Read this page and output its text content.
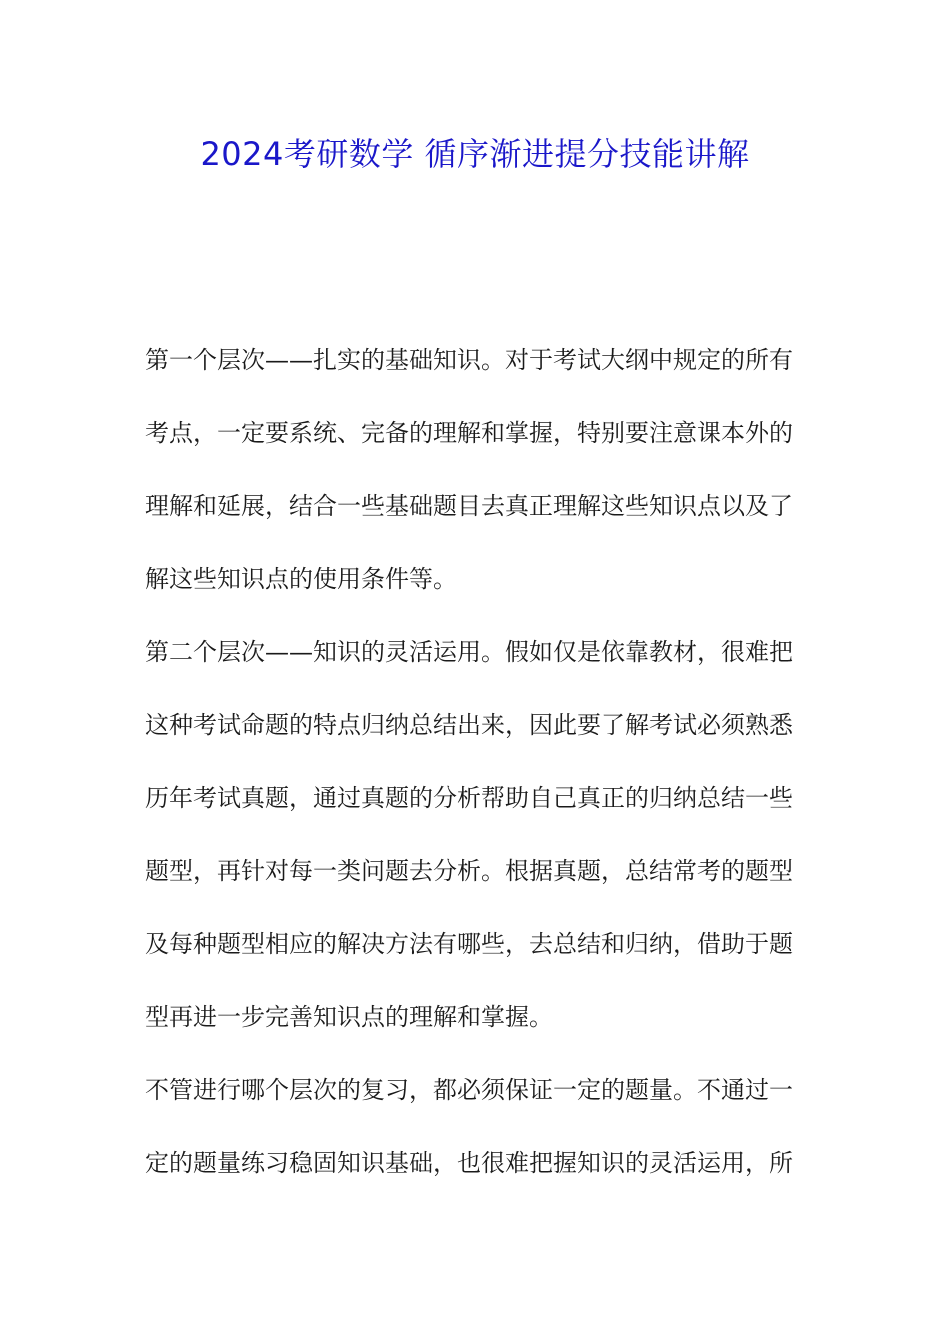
2024考研数学 循序渐进提分技能讲解
第一个层次——扎实的基础知识。对于考试大纲中规定的所有
考点，一定要系统、完备的理解和掌握，特别要注意课本外的
理解和延展，结合一些基础题目去真正理解这些知识点以及了
解这些知识点的使用条件等。
第二个层次——知识的灵活运用。假如仅是依靠教材，很难把
这种考试命题的特点归纳总结出来，因此要了解考试必须熟悉
历年考试真题，通过真题的分析帮助自己真正的归纳总结一些
题型，再针对每一类问题去分析。根据真题，总结常考的题型
及每种题型相应的解决方法有哪些，去总结和归纳，借助于题
型再进一步完善知识点的理解和掌握。
不管进行哪个层次的复习，都必须保证一定的题量。不通过一
定的题量练习稳固知识基础，也很难把握知识的灵活运用，所
